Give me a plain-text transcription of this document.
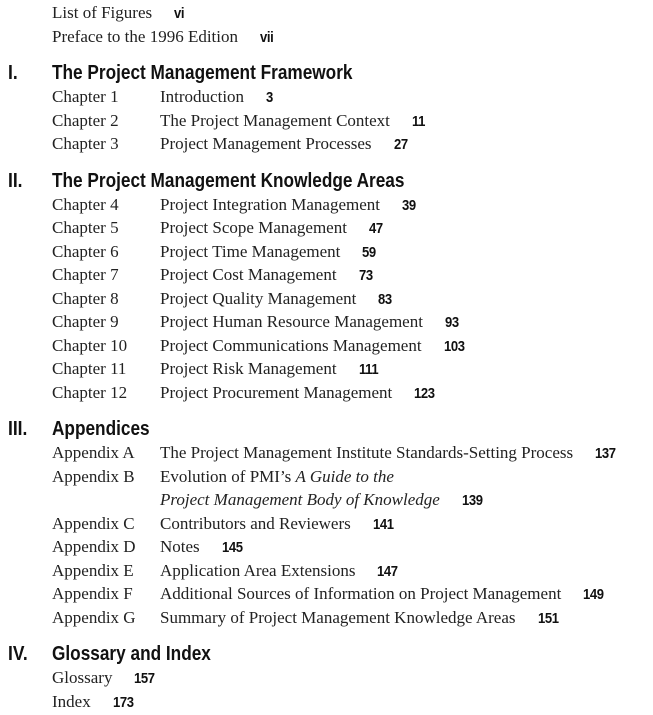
List of Figures vi
Preface to the 1996 Edition vii
I. The Project Management Framework
Chapter 1 Introduction 3
Chapter 2 The Project Management Context 11
Chapter 3 Project Management Processes 27
II. The Project Management Knowledge Areas
Chapter 4 Project Integration Management 39
Chapter 5 Project Scope Management 47
Chapter 6 Project Time Management 59
Chapter 7 Project Cost Management 73
Chapter 8 Project Quality Management 83
Chapter 9 Project Human Resource Management 93
Chapter 10 Project Communications Management 103
Chapter 11 Project Risk Management 111
Chapter 12 Project Procurement Management 123
III. Appendices
Appendix A The Project Management Institute Standards-Setting Process 137
Appendix B Evolution of PMI’s A Guide to the
Project Management Body of Knowledge 139
Appendix C Contributors and Reviewers 141
Appendix D Notes 145
Appendix E Application Area Extensions 147
Appendix F Additional Sources of Information on Project Management 149
Appendix G Summary of Project Management Knowledge Areas 151
IV. Glossary and Index
Glossary 157
Index 173
